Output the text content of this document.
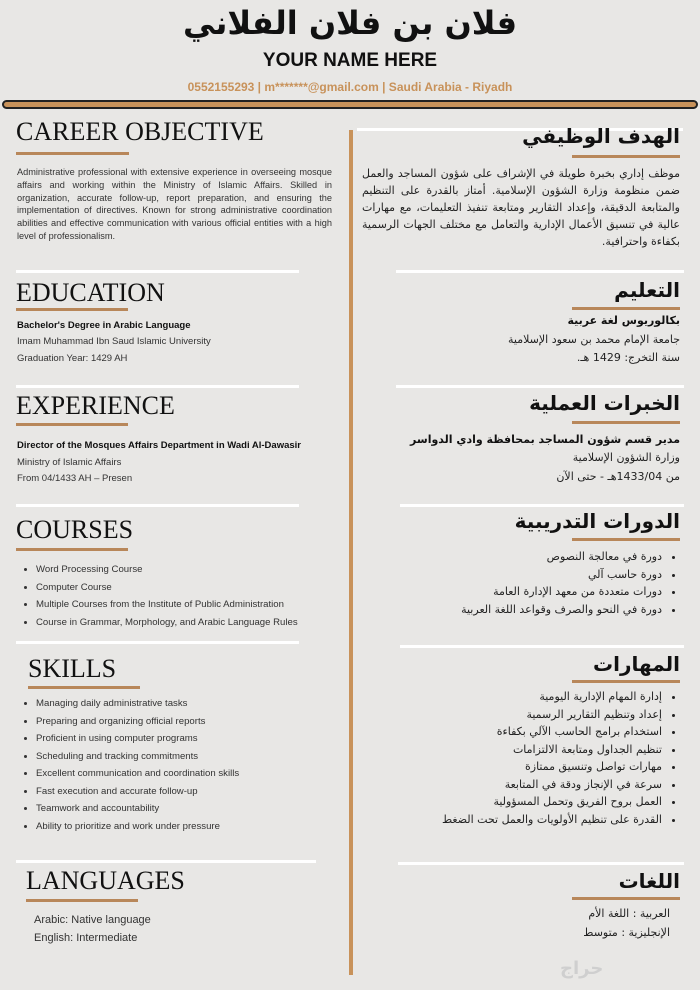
فلان بن فلان الفلاني
YOUR NAME HERE
0552155293 | m*******@gmail.com | Saudi Arabia - Riyadh
CAREER OBJECTIVE
Administrative professional with extensive experience in overseeing mosque affairs and working within the Ministry of Islamic Affairs. Skilled in organization, accurate follow-up, report preparation, and ensuring the implementation of directives. Known for strong administrative coordination abilities and effective communication with various official entities with a high level of professionalism.
EDUCATION
Bachelor's Degree in Arabic Language
Imam Muhammad Ibn Saud Islamic University
Graduation Year: 1429 AH
EXPERIENCE
Director of the Mosques Affairs Department in Wadi Al-Dawasir
Ministry of Islamic Affairs
From 04/1433 AH – Presen
COURSES
• Word Processing Course
• Computer Course
• Multiple Courses from the Institute of Public Administration
• Course in Grammar, Morphology, and Arabic Language Rules
SKILLS
• Managing daily administrative tasks
• Preparing and organizing official reports
• Proficient in using computer programs
• Scheduling and tracking commitments
• Excellent communication and coordination skills
• Fast execution and accurate follow-up
• Teamwork and accountability
• Ability to prioritize and work under pressure
LANGUAGES
Arabic: Native language
English: Intermediate
الهدف الوظيفي
موظف إداري بخبرة طويلة في الإشراف على شؤون المساجد والعمل ضمن منظومة وزارة الشؤون الإسلامية. أمتاز بالقدرة على التنظيم والمتابعة الدقيقة، وإعداد التقارير ومتابعة تنفيذ التعليمات، مع مهارات عالية في تنسيق الأعمال الإدارية والتعامل مع مختلف الجهات الرسمية بكفاءة واحترافية.
التعليم
بكالوريوس لغة عربية
جامعة الإمام محمد بن سعود الإسلامية
سنة التخرج: 1429 هـ.
الخبرات العملية
مدير قسم شؤون المساجد بمحافظة وادي الدواسر
وزارة الشؤون الإسلامية
من 1433/04هـ - حتى الآن
الدورات التدريبية
• دورة في معالجة النصوص
• دورة حاسب آلي
• دورات متعددة من معهد الإدارة العامة
• دورة في النحو والصرف وقواعد اللغة العربية
المهارات
• إدارة المهام الإدارية اليومية
• إعداد وتنظيم التقارير الرسمية
• استخدام برامج الحاسب الآلي بكفاءة
• تنظيم الجداول ومتابعة الالتزامات
• مهارات تواصل وتنسيق ممتازة
• سرعة في الإنجاز ودقة في المتابعة
• العمل بروح الفريق وتحمل المسؤولية
• القدرة على تنظيم الأولويات والعمل تحت الضغط
اللغات
العربية : اللغة الأم
الإنجليزية : متوسط
حراج
